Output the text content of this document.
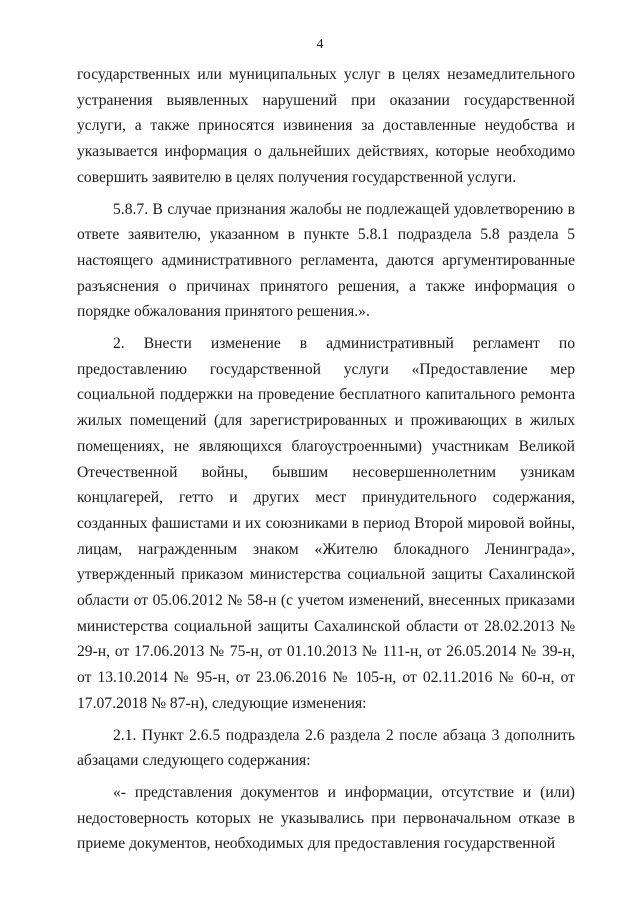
4

государственных или муниципальных услуг в целях незамедлительного устранения выявленных нарушений при оказании государственной услуги, а также приносятся извинения за доставленные неудобства и указывается информация о дальнейших действиях, которые необходимо совершить заявителю в целях получения государственной услуги.

5.8.7. В случае признания жалобы не подлежащей удовлетворению в ответе заявителю, указанном в пункте 5.8.1 подраздела 5.8 раздела 5 настоящего административного регламента, даются аргументированные разъяснения о причинах принятого решения, а также информация о порядке обжалования принятого решения.».

2. Внести изменение в административный регламент по предоставлению государственной услуги «Предоставление мер социальной поддержки на проведение бесплатного капитального ремонта жилых помещений (для зарегистрированных и проживающих в жилых помещениях, не являющихся благоустроенными) участникам Великой Отечественной войны, бывшим несовершеннолетним узникам концлагерей, гетто и других мест принудительного содержания, созданных фашистами и их союзниками в период Второй мировой войны, лицам, награжденным знаком «Жителю блокадного Ленинграда», утвержденный приказом министерства социальной защиты Сахалинской области от 05.06.2012 № 58-н (с учетом изменений, внесенных приказами министерства социальной защиты Сахалинской области от 28.02.2013 № 29-н, от 17.06.2013 № 75-н, от 01.10.2013 № 111-н, от 26.05.2014 № 39-н, от 13.10.2014 № 95-н, от 23.06.2016 № 105-н, от 02.11.2016 № 60-н, от 17.07.2018 № 87-н), следующие изменения:

2.1. Пункт 2.6.5 подраздела 2.6 раздела 2 после абзаца 3 дополнить абзацами следующего содержания:

«- представления документов и информации, отсутствие и (или) недостоверность которых не указывались при первоначальном отказе в приеме документов, необходимых для предоставления государственной
